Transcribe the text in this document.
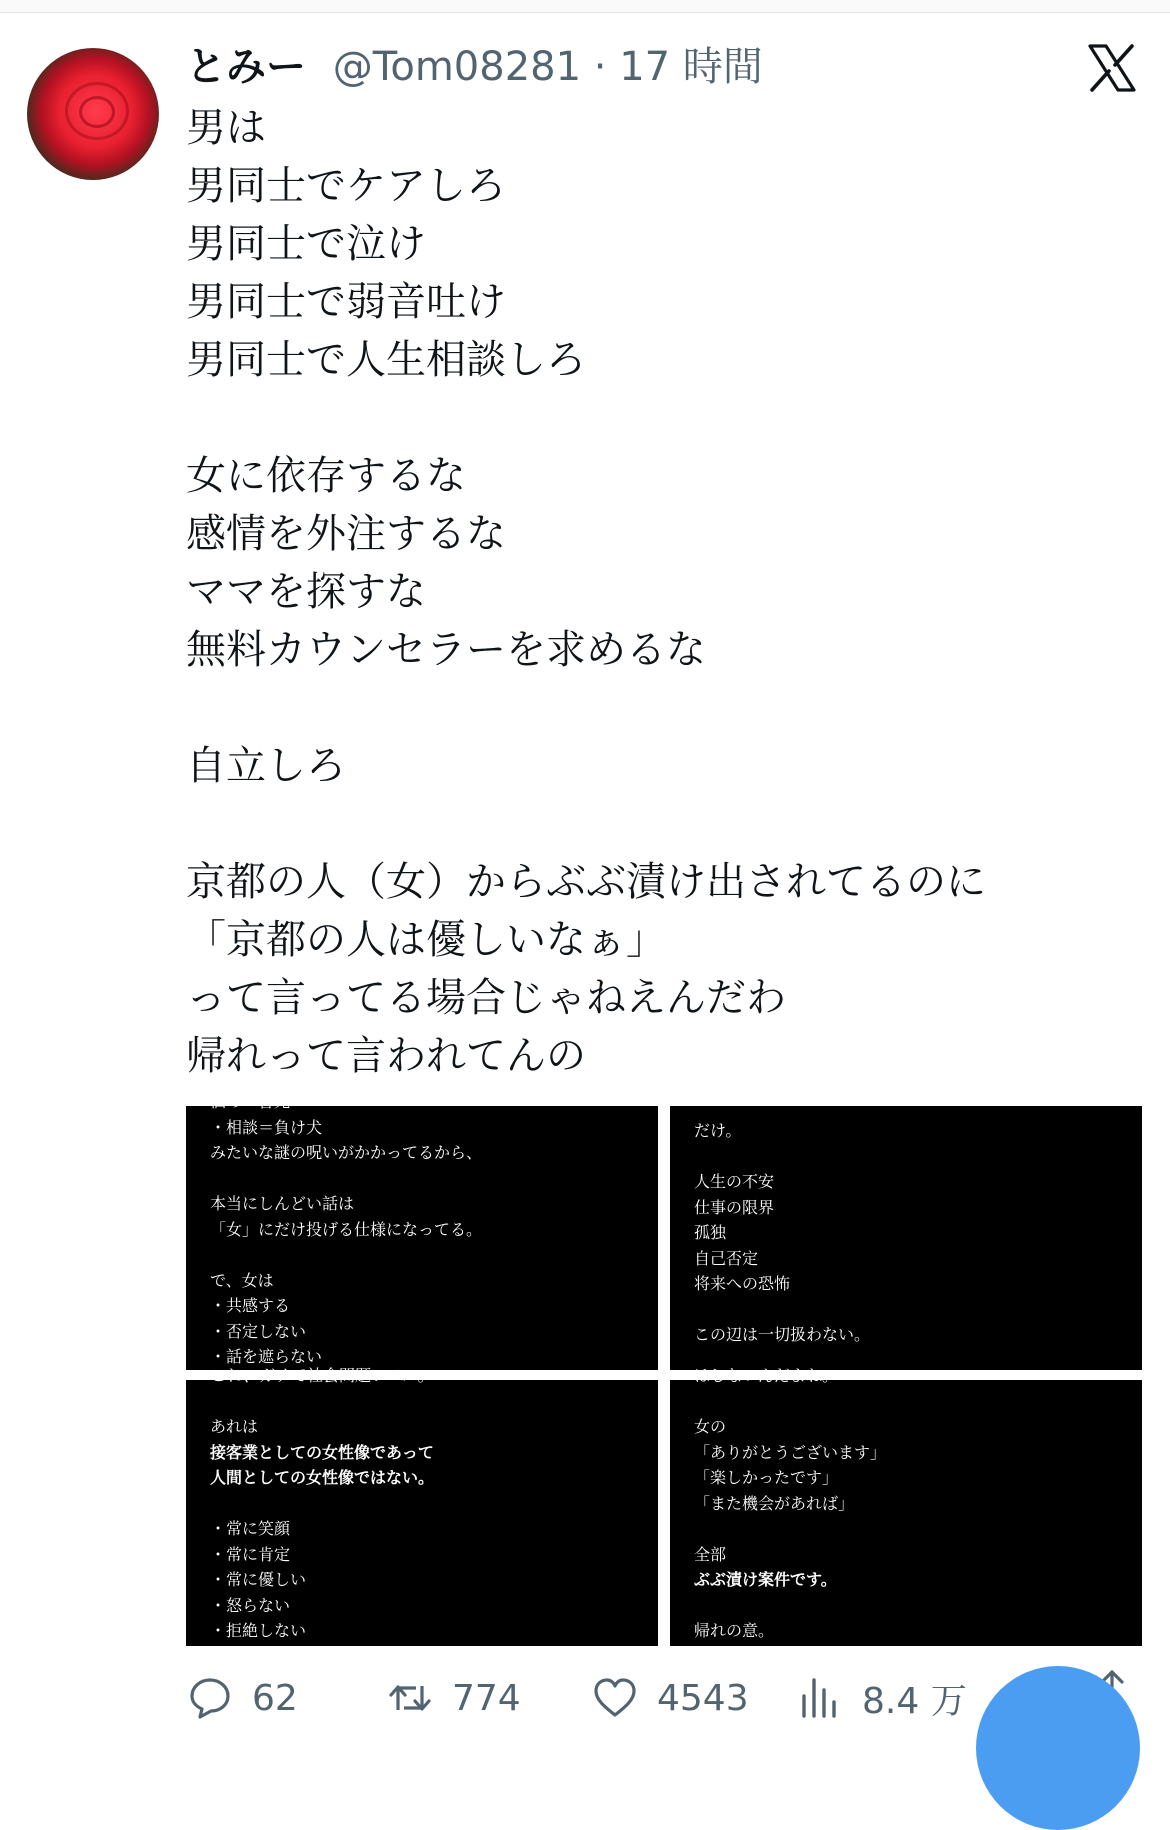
とみー @Tom08281 · 17 時間
男は
男同士でケアしろ
男同士で泣け
男同士で弱音吐け
男同士で人生相談しろ

女に依存するな
感情を外注するな
ママを探すな
無料カウンセラーを求めるな

自立しろ

京都の人（女）からぶぶ漬け出されてるのに
「京都の人は優しいなぁ」
って言ってる場合じゃねえんだわ
帰れって言われてんの
個の一音光
・相談＝負け犬
みたいな謎の呪いがかかってるから、
本当にしんどい話は
「女」にだけ投げる仕様になってる。
で、女は
・共感する
・否定しない
・話を遮らない
だけ。
人生の不安
仕事の限界
孤独
自己否定
将来への恐怖
この辺は一切扱わない。
これ、ガチで社会問題レベル。
あれは
接客業としての女性像であって
人間としての女性像ではない。
・常に笑顔
・常に肯定
・常に優しい
・怒らない
・拒絶しない
はしないんだよね。
女の
「ありがとうございます」
「楽しかったです」
「また機会があれば」
全部
ぶぶ漬け案件です。
帰れの意。
62	774	4543	8.4 万
